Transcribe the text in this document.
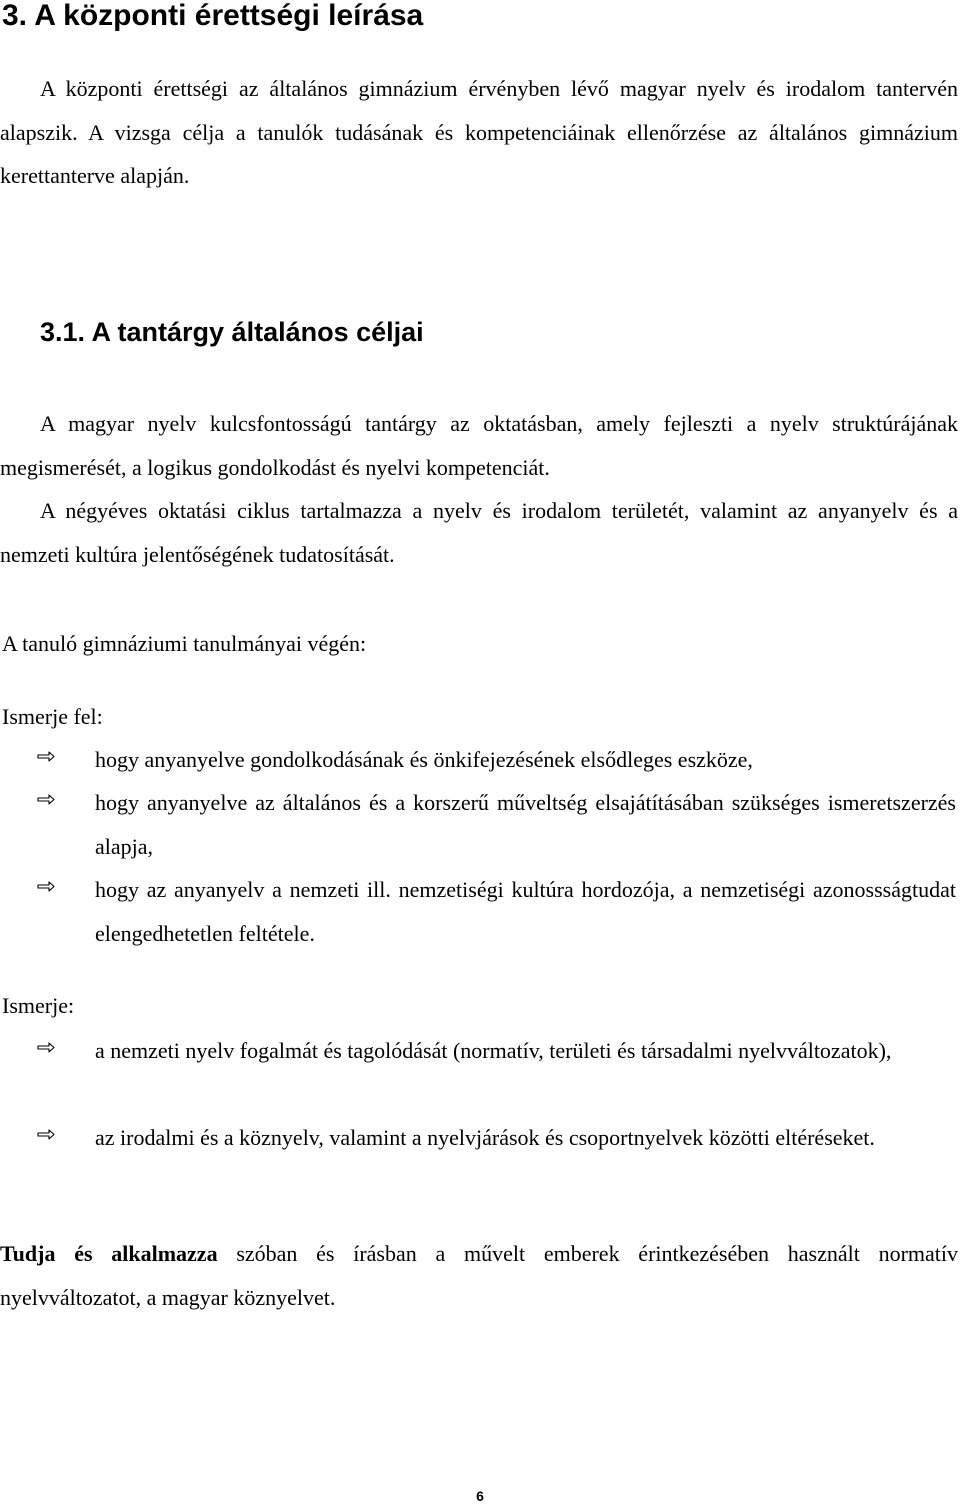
3. A központi érettségi leírása

A központi érettségi az általános gimnázium érvényben lévő magyar nyelv és irodalom tantervén alapszik. A vizsga célja a tanulók tudásának és kompetenciáinak ellenőrzése az általános gimnázium kerettanterve alapján.

3.1. A tantárgy általános céljai

A magyar nyelv kulcsfontosságú tantárgy az oktatásban, amely fejleszti a nyelv struktúrájának megismerését, a logikus gondolkodást és nyelvi kompetenciát.

A négyéves oktatási ciklus tartalmazza a nyelv és irodalom területét, valamint az anyanyelv és a nemzeti kultúra jelentőségének tudatosítását.

A tanuló gimnáziumi tanulmányai végén:

Ismerje fel:

hogy anyanyelve gondolkodásának és önkifejezésének elsődleges eszköze,

hogy anyanyelve az általános és a korszerű műveltség elsajátításában szükséges ismeretszerzés alapja,

hogy az anyanyelv a nemzeti ill. nemzetiségi kultúra hordozója, a nemzetiségi azonossságtudat elengedhetetlen feltétele.

Ismerje:

a nemzeti nyelv fogalmát és tagolódását (normatív, területi és társadalmi nyelvváltozatok),

az irodalmi és a köznyelv, valamint a nyelvjárások és csoportnyelvek közötti eltéréseket.

Tudja és alkalmazza szóban és írásban a művelt emberek érintkezésében használt normatív nyelvváltozatot, a magyar köznyelvet.

6
